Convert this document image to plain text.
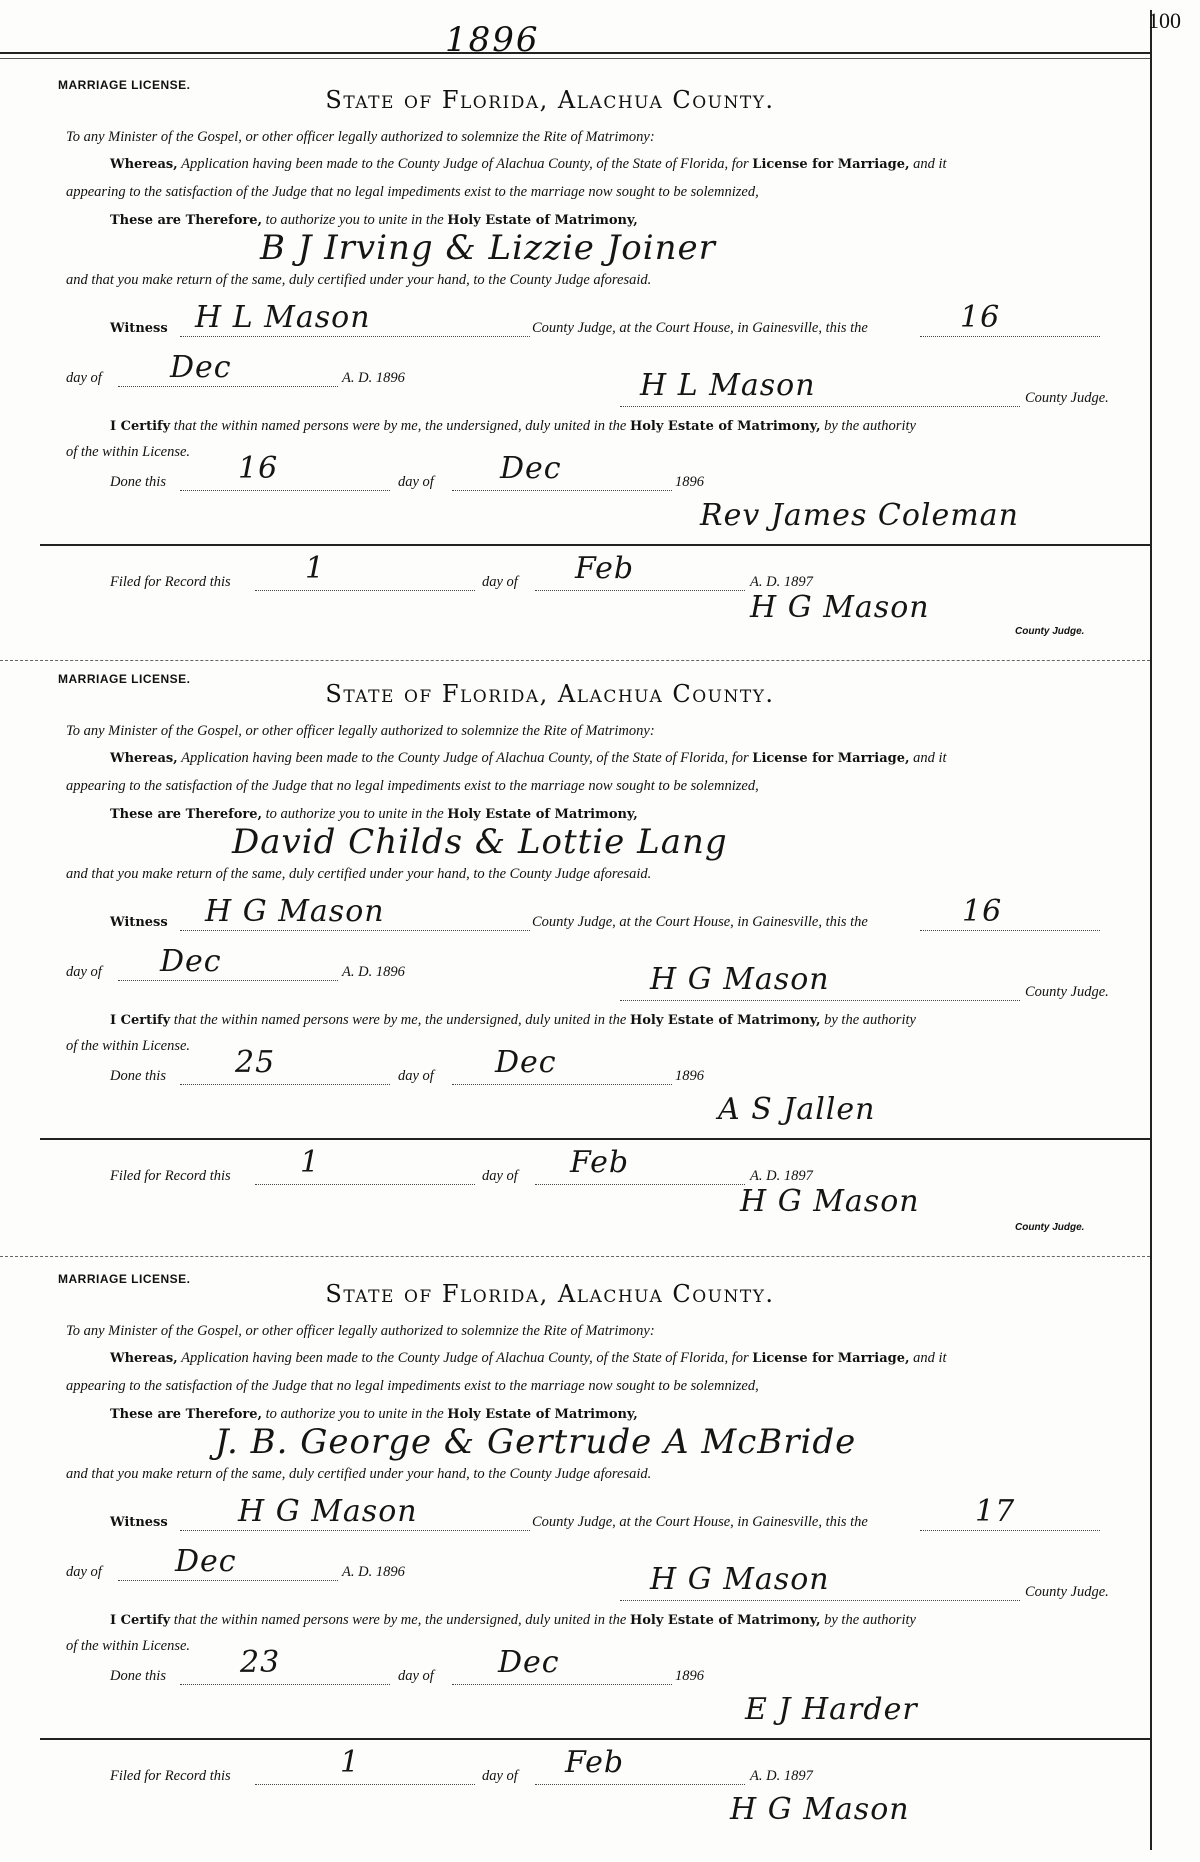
1896	100
MARRIAGE LICENSE.
State of Florida, Alachua County.
To any Minister of the Gospel, or other officer legally authorized to solemnize the Rite of Matrimony:
Whereas, Application having been made to the County Judge of Alachua County, of the State of Florida, for License for Marriage, and it
appearing to the satisfaction of the Judge that no legal impediments exist to the marriage now sought to be solemnized,
These are Therefore, to authorize you to unite in the Holy Estate of Matrimony,
B J Irving & Lizzie Joiner
and that you make return of the same, duly certified under your hand, to the County Judge aforesaid.
Witness H L Mason	County Judge, at the Court House, in Gainesville, this the	16
day of Dec	A. D. 1896	H L Mason	County Judge.
I Certify that the within named persons were by me, the undersigned, duly united in the Holy Estate of Matrimony, by the authority
of the within License.
Done this 16	day of Dec	1896
Rev James Coleman
Filed for Record this 1	day of Feb	A. D. 1897
H G Mason
County Judge.
MARRIAGE LICENSE.
State of Florida, Alachua County.
To any Minister of the Gospel, or other officer legally authorized to solemnize the Rite of Matrimony:
Whereas, Application having been made to the County Judge of Alachua County, of the State of Florida, for License for Marriage, and it
appearing to the satisfaction of the Judge that no legal impediments exist to the marriage now sought to be solemnized,
These are Therefore, to authorize you to unite in the Holy Estate of Matrimony,
David Childs & Lottie Lang
and that you make return of the same, duly certified under your hand, to the County Judge aforesaid.
Witness H G Mason	County Judge, at the Court House, in Gainesville, this the	16
day of Dec	A. D. 1896	H G Mason	County Judge.
I Certify that the within named persons were by me, the undersigned, duly united in the Holy Estate of Matrimony, by the authority
of the within License.
Done this 25	day of Dec	1896
A S Jallen
Filed for Record this 1	day of Feb	A. D. 1897
H G Mason
County Judge.
MARRIAGE LICENSE.
State of Florida, Alachua County.
To any Minister of the Gospel, or other officer legally authorized to solemnize the Rite of Matrimony:
Whereas, Application having been made to the County Judge of Alachua County, of the State of Florida, for License for Marriage, and it
appearing to the satisfaction of the Judge that no legal impediments exist to the marriage now sought to be solemnized,
These are Therefore, to authorize you to unite in the Holy Estate of Matrimony,
J. B. George & Gertrude A McBride
and that you make return of the same, duly certified under your hand, to the County Judge aforesaid.
Witness H G Mason	County Judge, at the Court House, in Gainesville, this the	17
day of Dec	A. D. 1896	H G Mason	County Judge.
I Certify that the within named persons were by me, the undersigned, duly united in the Holy Estate of Matrimony, by the authority
of the within License.
Done this 23	day of Dec	1896
E J Harder
Filed for Record this	1	day of Feb	A. D. 1897
H G Mason
